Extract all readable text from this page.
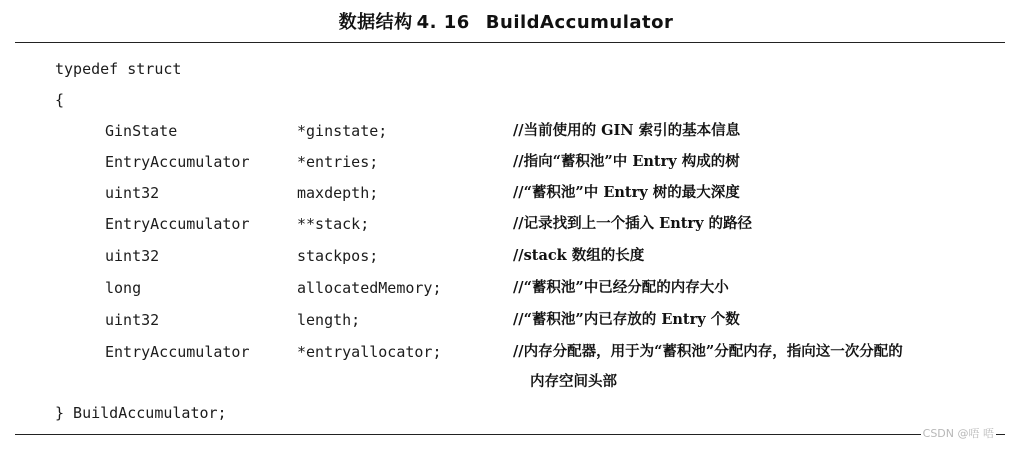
数据结构 4. 16 BuildAccumulator
typedef struct
{
GinState	*ginstate;	//当前使用的 GIN 索引的基本信息
EntryAccumulator	*entries;	//指向“蓄积池”中 Entry 构成的树
uint32	maxdepth;	//“蓄积池”中 Entry 树的最大深度
EntryAccumulator	**stack;	//记录找到上一个插入 Entry 的路径
uint32	stackpos;	//stack 数组的长度
long	allocatedMemory;	//“蓄积池”中已经分配的内存大小
uint32	length;	//“蓄积池”内已存放的 Entry 个数
EntryAccumulator	*entryallocator;	//内存分配器，用于为“蓄积池”分配内存，指向这一次分配的
内存空间头部
} BuildAccumulator;
CSDN @唔 唔
